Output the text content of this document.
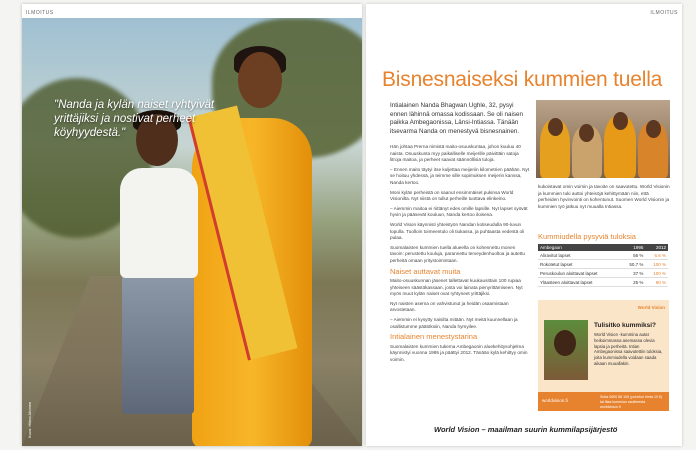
ILMOITUS
"Nanda ja kylän naiset ryhtyivät yrittäjiksi ja nostivat perheet köyhyydestä."
Kuva: Hilma Ahonen
ILMOITUS
Bisnesnaiseksi kummien tuella
Intialainen Nanda Bhagwan Ughle, 32, pysyi ennen lähinnä omassa kodissaan. Se oli naisen paikka Ambegaonissa, Länsi-Intiassa. Tänään itsevarma Nanda on menestyvä bisnesnainen.

Hän johtaa Prerna nimistä maito-osuuskuntaa, johon kuuluu 40 naista. Osuuskunta myy paikalliselle meijerille päivittäin satoja litroja maitoa, ja perheet saavat säännöllisiä tuloja.

– Ennen maito täytyi itse kuljettaa meijeriin kilometrien päähän. Nyt se hoituu yhdessä, ja teimme sille sopimuksen meijerin kanssa, Nanda kertoo.

Moni kylän perheistä on saanut ensimmäiset pukinsa World Visionilta. Nyt niistä on tullut perheille tuottava elinkeino.

– Aiemmin maitoa ei riittänyt edes omille lapsille. Nyt lapset syövät hyvin ja pääsevät kouluun, Nanda kertoo iloisena.

World Vision käynnisti yhteistyön Nandan kotiseudulla 90-luvun lopulla. Tuolloin toimeentulo oli tiukassa, ja puhtaasta vedestä oli pulaa.

Suomalaisten kummien tuella alueella on kohennettu monen tavoin: perustettu kouluja, parannettu terveydenhuoltoa ja autettu perheitä omaan yritystoimintaan.

Naiset auttavat muita

Maito-osuuskunnan jäsenet tallettavat kuukausittain 100 rupiaa yhteiseen säästökassaan, josta voi lainata pienyrittämiseen. Nyt myös muut kylän naiset ovat ryhtyneet yrittäjiksi.

Nyt naisten asema on vahvistunut ja heidän osaamistaan arvostetaan.

– Aiemmin ei kysytty naisilta mitään. Nyt meitä kuunnellaan ja osallistumme päätöksiin, Nanda hymyilee.

Intialainen menestystarina

Suomalaisten kummien tukema Ambegaonin aluekehitysohjelma käynnistyi vuonna 1995 ja päättyi 2012. Tänään kylä kehittyy omin voimin.

kukoistavat omin voimin ja tavoite on saavutettu. World Visionin ja kummien tuki auttoi yhteisöjä kehittymään niin, että perheiden hyvinvointi on kohentunut. Suomen World Visionin ja kummien työ jatkuu nyt muualla Intiassa.
Kummiudella pysyviä tuloksia
Ambegaon	1995	2012
Aliravitut lapset	56 %	6.6 %
Rokotetut lapset	50,7 %	100 %
Peruskoulun aloittavat lapset	37 %	100 %
Yläasteen aloittavat lapset	25 %	90 %
World Vision
Tulisitko kummiksi?
World Vision -kummina autat heikoimmassa asemassa olevia lapsia ja perheitä. Intian Ambegaonissa saavutettiin tuloksia, joita kummiudella voidaan saada aikaan muuallakin.
worldvision.fi
Soita 0600 88 100 (puhelun hinta 10 €) tai tilaa kummius osoitteesta worldvision.fi
World Vision – maailman suurin kummilapsijärjestö
